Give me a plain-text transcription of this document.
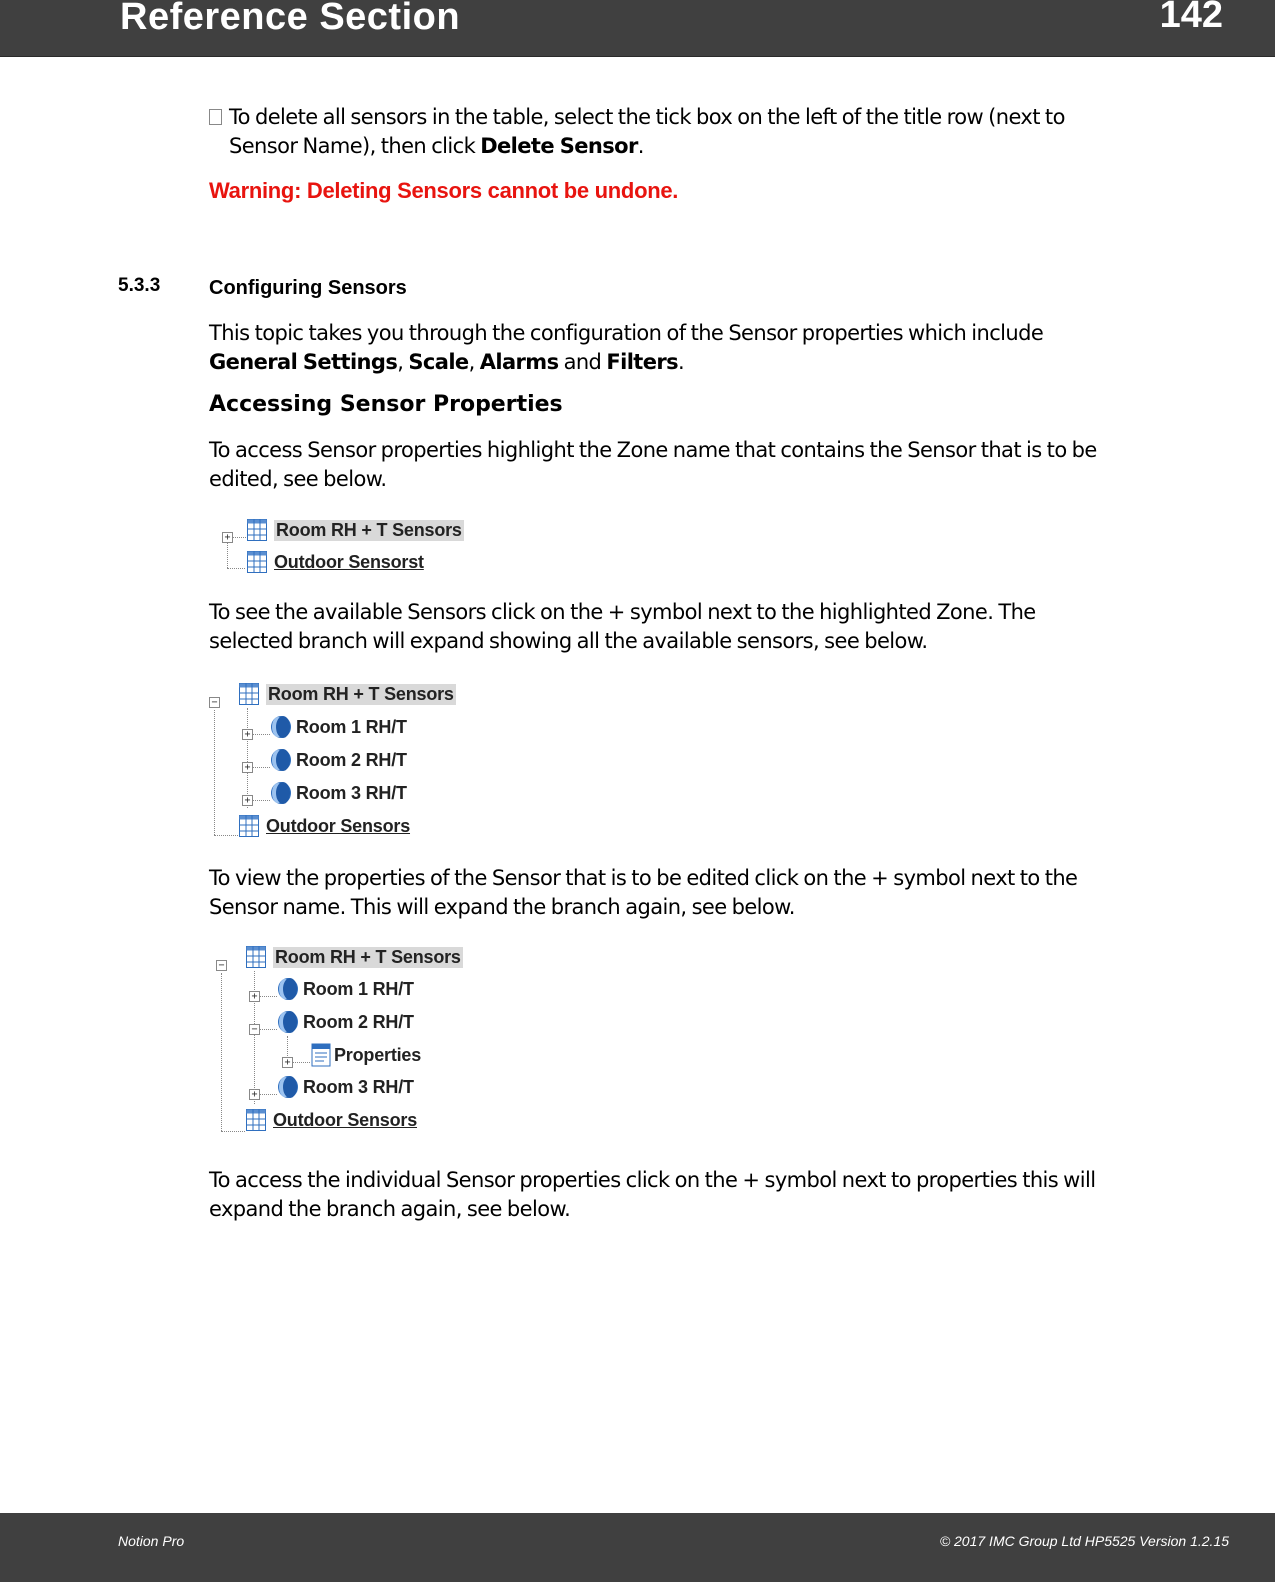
Reference Section	142
To delete all sensors in the table, select the tick box on the left of the title row (next to
Sensor Name), then click Delete Sensor.
Warning: Deleting Sensors cannot be undone.
5.3.3 Configuring Sensors
This topic takes you through the configuration of the Sensor properties which include
General Settings, Scale, Alarms and Filters.
Accessing Sensor Properties
To access Sensor properties highlight the Zone name that contains the Sensor that is to be
edited, see below.
+	Room RH + T Sensors
Outdoor Sensorst
To see the available Sensors click on the + symbol next to the highlighted Zone. The
selected branch will expand showing all the available sensors, see below.
−	Room RH + T Sensors
+	Room 1 RH/T
+	Room 2 RH/T
+	Room 3 RH/T
Outdoor Sensors
To view the properties of the Sensor that is to be edited click on the + symbol next to the
Sensor name. This will expand the branch again, see below.
−	Room RH + T Sensors
+	Room 1 RH/T
−	Room 2 RH/T
+ Properties
+	Room 3 RH/T
Outdoor Sensors
To access the individual Sensor properties click on the + symbol next to properties this will
expand the branch again, see below.
Notion Pro	© 2017 IMC Group Ltd HP5525 Version 1.2.15
